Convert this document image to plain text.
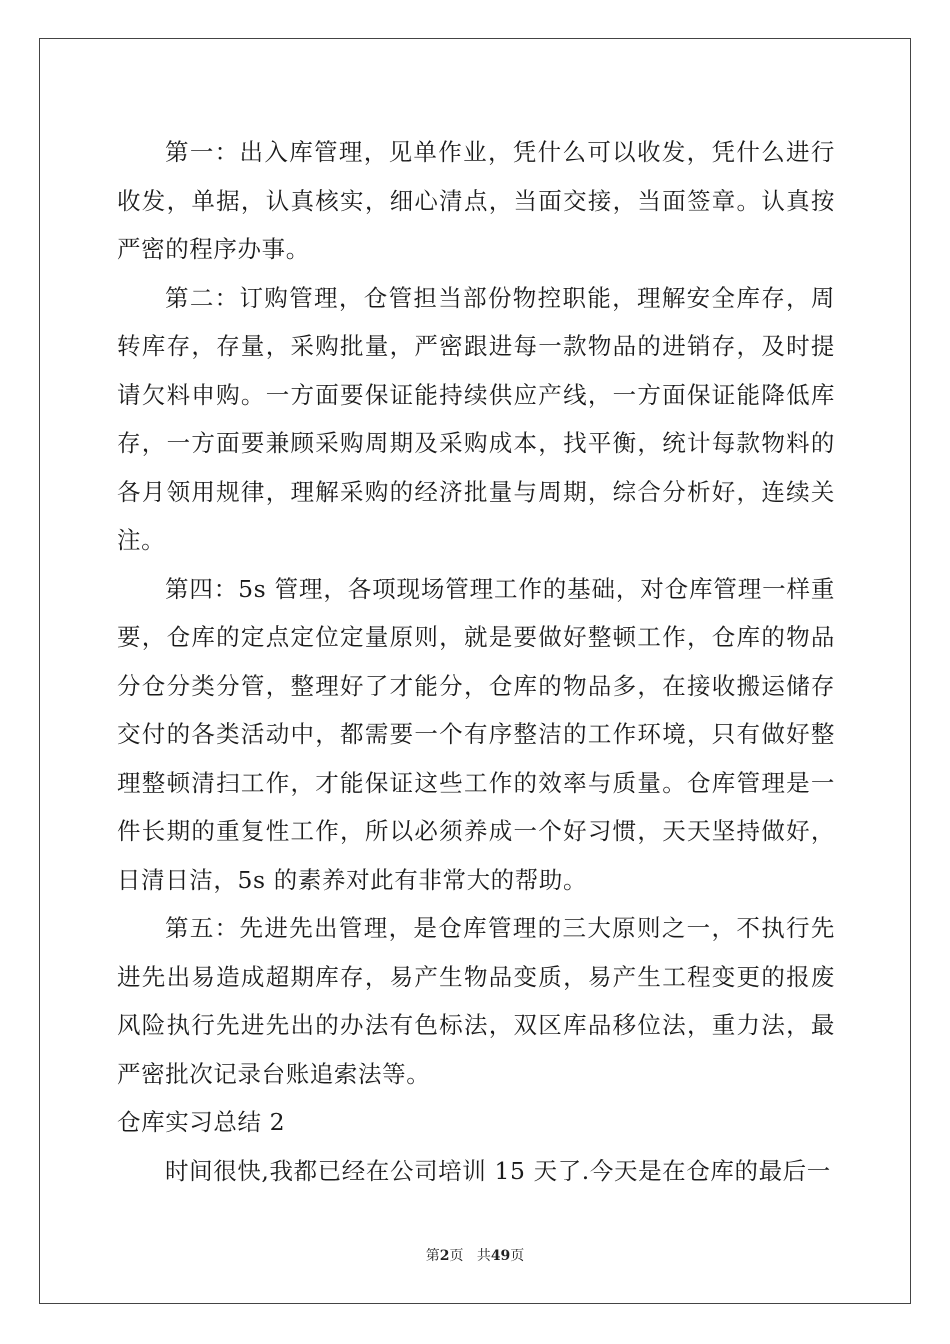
第一：出入库管理，见单作业，凭什么可以收发，凭什么进行收发，单据，认真核实，细心清点，当面交接，当面签章。认真按严密的程序办事。

第二：订购管理，仓管担当部份物控职能，理解安全库存，周转库存，存量，采购批量，严密跟进每一款物品的进销存，及时提请欠料申购。一方面要保证能持续供应产线，一方面保证能降低库存，一方面要兼顾采购周期及采购成本，找平衡，统计每款物料的各月领用规律，理解采购的经济批量与周期，综合分析好，连续关注。

第四：5s 管理，各项现场管理工作的基础，对仓库管理一样重要，仓库的定点定位定量原则，就是要做好整顿工作，仓库的物品分仓分类分管，整理好了才能分，仓库的物品多，在接收搬运储存交付的各类活动中，都需要一个有序整洁的工作环境，只有做好整理整顿清扫工作，才能保证这些工作的效率与质量。仓库管理是一件长期的重复性工作，所以必须养成一个好习惯，天天坚持做好，日清日洁，5s 的素养对此有非常大的帮助。

第五：先进先出管理，是仓库管理的三大原则之一，不执行先进先出易造成超期库存，易产生物品变质，易产生工程变更的报废风险执行先进先出的办法有色标法，双区库品移位法，重力法，最严密批次记录台账追索法等。

仓库实习总结 2

时间很快,我都已经在公司培训 15 天了.今天是在仓库的最后一

第2页 共49页
